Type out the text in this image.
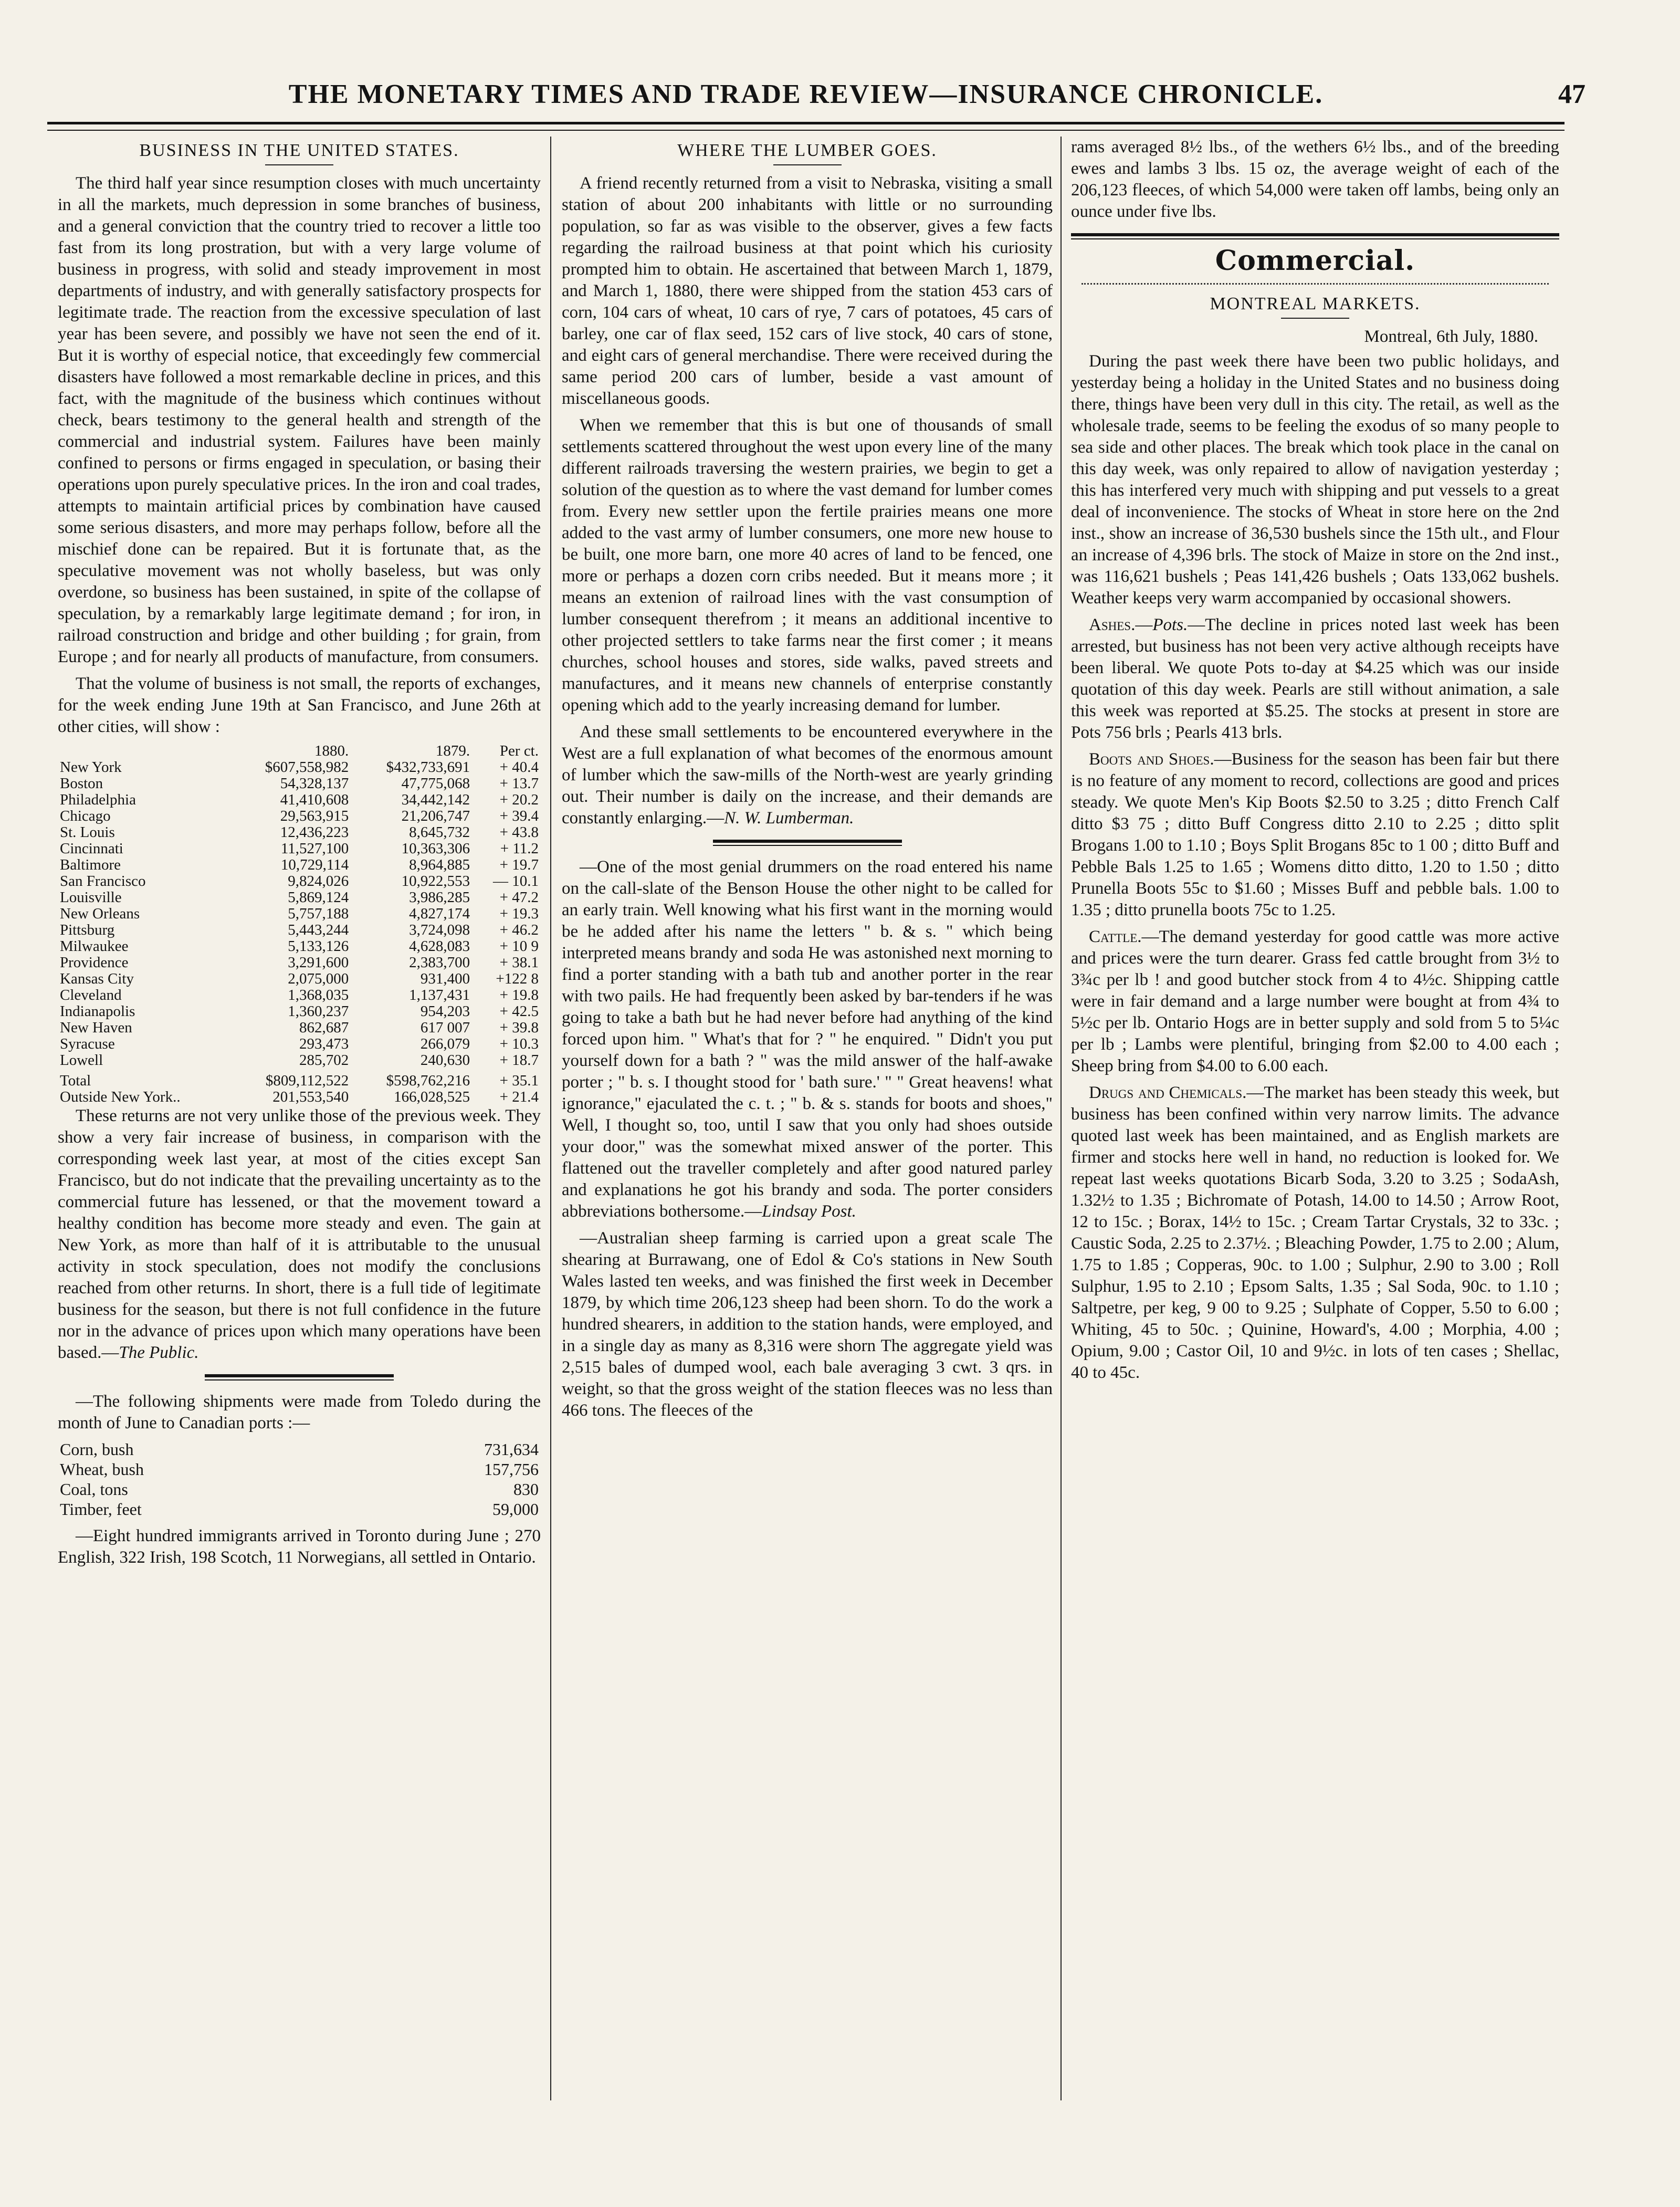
THE MONETARY TIMES AND TRADE REVIEW—INSURANCE CHRONICLE.	47
BUSINESS IN THE UNITED STATES.

The third half year since resumption closes with much uncertainty in all the markets, much depression in some branches of business, and a general conviction that the country tried to recover a little too fast from its long prostration, but with a very large volume of business in progress, with solid and steady improvement in most departments of industry, and with generally satisfactory prospects for legitimate trade. The reaction from the excessive speculation of last year has been severe, and possibly we have not seen the end of it. But it is worthy of especial notice, that exceedingly few commercial disasters have followed a most remarkable decline in prices, and this fact, with the magnitude of the business which continues without check, bears testimony to the general health and strength of the commercial and industrial system. Failures have been mainly confined to persons or firms engaged in speculation, or basing their operations upon purely speculative prices. In the iron and coal trades, attempts to maintain artificial prices by combination have caused some serious disasters, and more may perhaps follow, before all the mischief done can be repaired. But it is fortunate that, as the speculative movement was not wholly baseless, but was only overdone, so business has been sustained, in spite of the collapse of speculation, by a remarkably large legitimate demand ; for iron, in railroad construction and bridge and other building ; for grain, from Europe ; and for nearly all products of manufacture, from consumers.

That the volume of business is not small, the reports of exchanges, for the week ending June 19th at San Francisco, and June 26th at other cities, will show :

	1880.	1879.	Per ct.
New York	$607,558,982	$432,733,691	+ 40.4
Boston	54,328,137	47,775,068	+ 13.7
Philadelphia	41,410,608	34,442,142	+ 20.2
Chicago	29,563,915	21,206,747	+ 39.4
St. Louis	12,436,223	8,645,732	+ 43.8
Cincinnati	11,527,100	10,363,306	+ 11.2
Baltimore	10,729,114	8,964,885	+ 19.7
San Francisco	9,824,026	10,922,553	— 10.1
Louisville	5,869,124	3,986,285	+ 47.2
New Orleans	5,757,188	4,827,174	+ 19.3
Pittsburg	5,443,244	3,724,098	+ 46.2
Milwaukee	5,133,126	4,628,083	+ 10 9
Providence	3,291,600	2,383,700	+ 38.1
Kansas City	2,075,000	931,400	+122 8
Cleveland	1,368,035	1,137,431	+ 19.8
Indianapolis	1,360,237	954,203	+ 42.5
New Haven	862,687	617 007	+ 39.8
Syracuse	293,473	266,079	+ 10.3
Lowell	285,702	240,630	+ 18.7
Total	$809,112,522	$598,762,216	+ 35.1
Outside New York..	201,553,540	166,028,525	+ 21.4

These returns are not very unlike those of the previous week. They show a very fair increase of business, in comparison with the corresponding week last year, at most of the cities except San Francisco, but do not indicate that the prevailing uncertainty as to the commercial future has lessened, or that the movement toward a healthy condition has become more steady and even. The gain at New York, as more than half of it is attributable to the unusual activity in stock speculation, does not modify the conclusions reached from other returns. In short, there is a full tide of legitimate business for the season, but there is not full confidence in the future nor in the advance of prices upon which many operations have been based.—The Public.

—The following shipments were made from Toledo during the month of June to Canadian ports :—

Corn, bush	731,634
Wheat, bush	157,756
Coal, tons	830
Timber, feet	59,000

—Eight hundred immigrants arrived in Toronto during June ; 270 English, 322 Irish, 198 Scotch, 11 Norwegians, all settled in Ontario.

WHERE THE LUMBER GOES.

A friend recently returned from a visit to Nebraska, visiting a small station of about 200 inhabitants with little or no surrounding population, so far as was visible to the observer, gives a few facts regarding the railroad business at that point which his curiosity prompted him to obtain. He ascertained that between March 1, 1879, and March 1, 1880, there were shipped from the station 453 cars of corn, 104 cars of wheat, 10 cars of rye, 7 cars of potatoes, 45 cars of barley, one car of flax seed, 152 cars of live stock, 40 cars of stone, and eight cars of general merchandise. There were received during the same period 200 cars of lumber, beside a vast amount of miscellaneous goods.

When we remember that this is but one of thousands of small settlements scattered throughout the west upon every line of the many different railroads traversing the western prairies, we begin to get a solution of the question as to where the vast demand for lumber comes from. Every new settler upon the fertile prairies means one more added to the vast army of lumber consumers, one more new house to be built, one more barn, one more 40 acres of land to be fenced, one more or perhaps a dozen corn cribs needed. But it means more ; it means an extenion of railroad lines with the vast consumption of lumber consequent therefrom ; it means an additional incentive to other projected settlers to take farms near the first comer ; it means churches, school houses and stores, side walks, paved streets and manufactures, and it means new channels of enterprise constantly opening which add to the yearly increasing demand for lumber.

And these small settlements to be encountered everywhere in the West are a full explanation of what becomes of the enormous amount of lumber which the saw-mills of the North-west are yearly grinding out. Their number is daily on the increase, and their demands are constantly enlarging.—N. W. Lumberman.

—One of the most genial drummers on the road entered his name on the call-slate of the Benson House the other night to be called for an early train. Well knowing what his first want in the morning would be he added after his name the letters " b. & s. " which being interpreted means brandy and soda He was astonished next morning to find a porter standing with a bath tub and another porter in the rear with two pails. He had frequently been asked by bar-tenders if he was going to take a bath but he had never before had anything of the kind forced upon him. " What's that for ? " he enquired. " Didn't you put yourself down for a bath ? " was the mild answer of the half-awake porter ; " b. s. I thought stood for ' bath sure.' " " Great heavens! what ignorance," ejaculated the c. t. ; " b. & s. stands for boots and shoes," Well, I thought so, too, until I saw that you only had shoes outside your door," was the somewhat mixed answer of the porter. This flattened out the traveller completely and after good natured parley and explanations he got his brandy and soda. The porter considers abbreviations bothersome.—Lindsay Post.

—Australian sheep farming is carried upon a great scale The shearing at Burrawang, one of Edol & Co's stations in New South Wales lasted ten weeks, and was finished the first week in December 1879, by which time 206,123 sheep had been shorn. To do the work a hundred shearers, in addition to the station hands, were employed, and in a single day as many as 8,316 were shorn The aggregate yield was 2,515 bales of dumped wool, each bale averaging 3 cwt. 3 qrs. in weight, so that the gross weight of the station fleeces was no less than 466 tons. The fleeces of the

rams averaged 8½ lbs., of the wethers 6½ lbs., and of the breeding ewes and lambs 3 lbs. 15 oz, the average weight of each of the 206,123 fleeces, of which 54,000 were taken off lambs, being only an ounce under five lbs.

Commercial.
MONTREAL MARKETS.
Montreal, 6th July, 1880.

During the past week there have been two public holidays, and yesterday being a holiday in the United States and no business doing there, things have been very dull in this city. The retail, as well as the wholesale trade, seems to be feeling the exodus of so many people to sea side and other places. The break which took place in the canal on this day week, was only repaired to allow of navigation yesterday ; this has interfered very much with shipping and put vessels to a great deal of inconvenience. The stocks of Wheat in store here on the 2nd inst., show an increase of 36,530 bushels since the 15th ult., and Flour an increase of 4,396 brls. The stock of Maize in store on the 2nd inst., was 116,621 bushels ; Peas 141,426 bushels ; Oats 133,062 bushels. Weather keeps very warm accompanied by occasional showers.

Ashes.—Pots.—The decline in prices noted last week has been arrested, but business has not been very active although receipts have been liberal. We quote Pots to-day at $4.25 which was our inside quotation of this day week. Pearls are still without animation, a sale this week was reported at $5.25. The stocks at present in store are Pots 756 brls ; Pearls 413 brls.

Boots and Shoes.—Business for the season has been fair but there is no feature of any moment to record, collections are good and prices steady. We quote Men's Kip Boots $2.50 to 3.25 ; ditto French Calf ditto $3 75 ; ditto Buff Congress ditto 2.10 to 2.25 ; ditto split Brogans 1.00 to 1.10 ; Boys Split Brogans 85c to 1 00 ; ditto Buff and Pebble Bals 1.25 to 1.65 ; Womens ditto ditto, 1.20 to 1.50 ; ditto Prunella Boots 55c to $1.60 ; Misses Buff and pebble bals. 1.00 to 1.35 ; ditto prunella boots 75c to 1.25.

Cattle.—The demand yesterday for good cattle was more active and prices were the turn dearer. Grass fed cattle brought from 3½ to 3¾c per lb ! and good butcher stock from 4 to 4½c. Shipping cattle were in fair demand and a large number were bought at from 4¾ to 5½c per lb. Ontario Hogs are in better supply and sold from 5 to 5¼c per lb ; Lambs were plentiful, bringing from $2.00 to 4.00 each ; Sheep bring from $4.00 to 6.00 each.

Drugs and Chemicals.—The market has been steady this week, but business has been confined within very narrow limits. The advance quoted last week has been maintained, and as English markets are firmer and stocks here well in hand, no reduction is looked for. We repeat last weeks quotations Bicarb Soda, 3.20 to 3.25 ; SodaAsh, 1.32½ to 1.35 ; Bichromate of Potash, 14.00 to 14.50 ; Arrow Root, 12 to 15c. ; Borax, 14½ to 15c. ; Cream Tartar Crystals, 32 to 33c. ; Caustic Soda, 2.25 to 2.37½. ; Bleaching Powder, 1.75 to 2.00 ; Alum, 1.75 to 1.85 ; Copperas, 90c. to 1.00 ; Sulphur, 2.90 to 3.00 ; Roll Sulphur, 1.95 to 2.10 ; Epsom Salts, 1.35 ; Sal Soda, 90c. to 1.10 ; Saltpetre, per keg, 9 00 to 9.25 ; Sulphate of Copper, 5.50 to 6.00 ; Whiting, 45 to 50c. ; Quinine, Howard's, 4.00 ; Morphia, 4.00 ; Opium, 9.00 ; Castor Oil, 10 and 9½c. in lots of ten cases ; Shellac, 40 to 45c.
